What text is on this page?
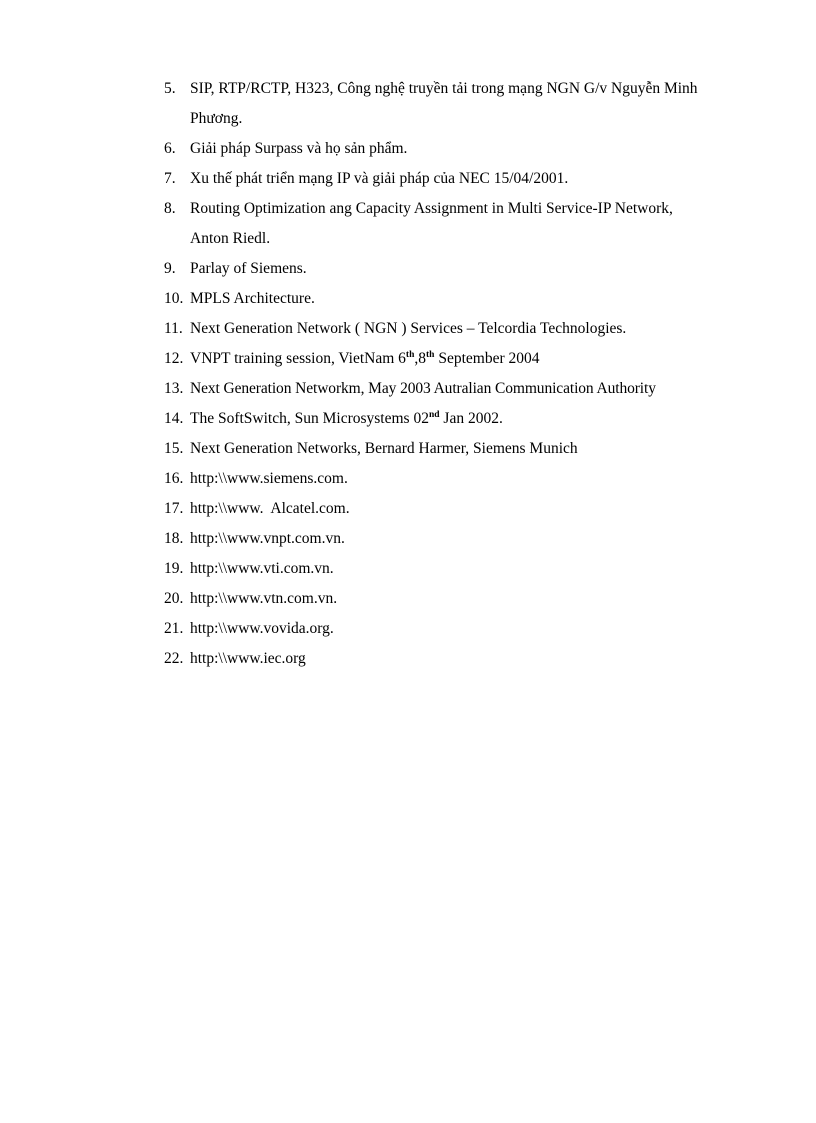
5. SIP, RTP/RCTP, H323, Công nghệ truyền tải trong mạng NGN G/v Nguyễn Minh Phương.
6. Giải pháp Surpass và họ sản phẩm.
7. Xu thế phát triển mạng IP và giải pháp của NEC 15/04/2001.
8. Routing Optimization ang Capacity Assignment in Multi Service-IP Network, Anton Riedl.
9. Parlay of Siemens.
10. MPLS Architecture.
11. Next Generation Network ( NGN ) Services – Telcordia Technologies.
12. VNPT training session, VietNam 6th,8th September 2004
13. Next Generation Networkm, May 2003 Autralian Communication Authority
14. The SoftSwitch, Sun Microsystems 02nd Jan 2002.
15. Next Generation Networks, Bernard Harmer, Siemens Munich
16. http:\\www.siemens.com.
17. http:\\www.  Alcatel.com.
18. http:\\www.vnpt.com.vn.
19. http:\\www.vti.com.vn.
20. http:\\www.vtn.com.vn.
21. http:\\www.vovida.org.
22. http:\\www.iec.org
